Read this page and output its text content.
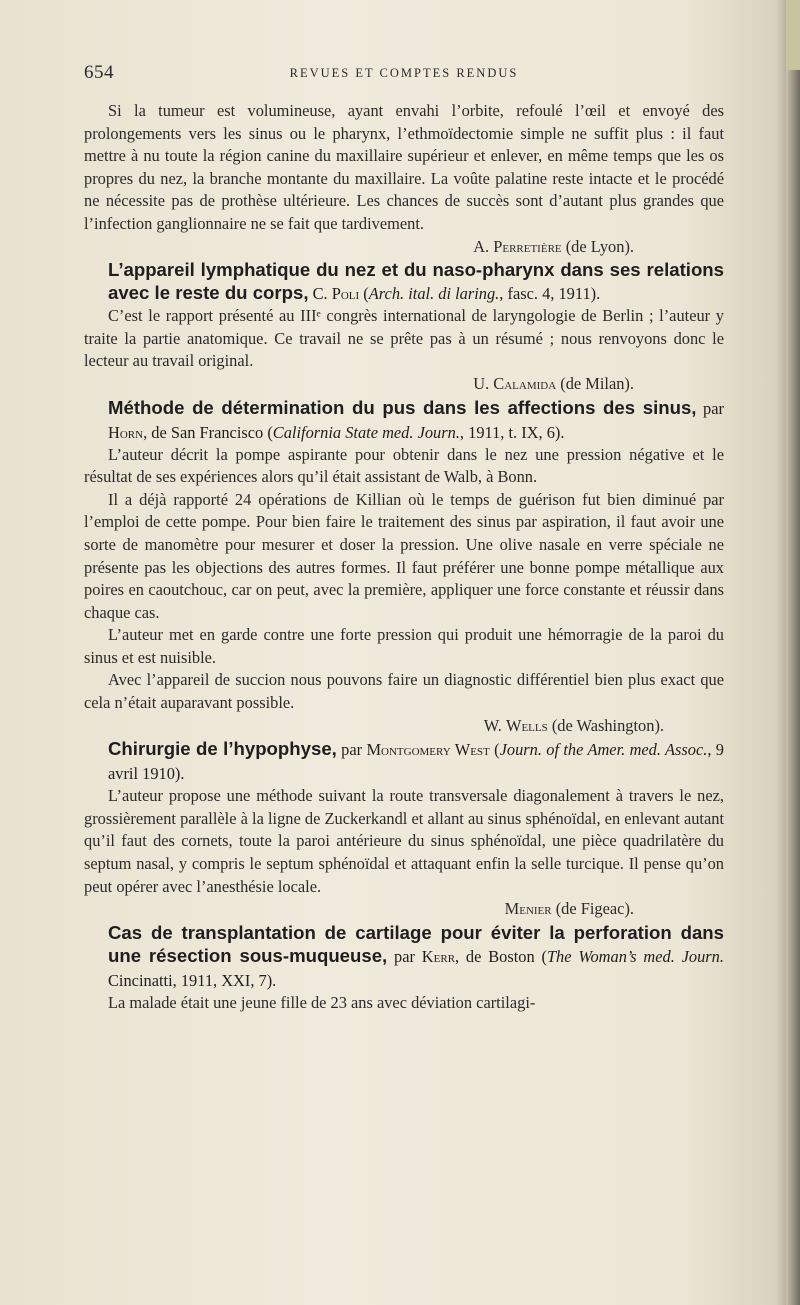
654	REVUES ET COMPTES RENDUS

Si la tumeur est volumineuse, ayant envahi l’orbite, refoulé l’œil et envoyé des prolongements vers les sinus ou le pharynx, l’ethmoïdectomie simple ne suffit plus : il faut mettre à nu toute la région canine du maxillaire supérieur et enlever, en même temps que les os propres du nez, la branche montante du maxillaire. La voûte palatine reste intacte et le procédé ne nécessite pas de prothèse ultérieure. Les chances de succès sont d’autant plus grandes que l’infection ganglionnaire ne se fait que tardivement.

A. Perretière (de Lyon).

L’appareil lymphatique du nez et du naso-pharynx dans ses relations avec le reste du corps, C. Poli (Arch. ital. di laring., fasc. 4, 1911).

C’est le rapport présenté au IIIᵉ congrès international de laryngologie de Berlin ; l’auteur y traite la partie anatomique. Ce travail ne se prête pas à un résumé ; nous renvoyons donc le lecteur au travail original.

U. Calamida (de Milan).

Méthode de détermination du pus dans les affections des sinus, par Horn, de San Francisco (California State med. Journ., 1911, t. IX, 6).

L’auteur décrit la pompe aspirante pour obtenir dans le nez une pression négative et le résultat de ses expériences alors qu’il était assistant de Walb, à Bonn.

Il a déjà rapporté 24 opérations de Killian où le temps de guérison fut bien diminué par l’emploi de cette pompe. Pour bien faire le traitement des sinus par aspiration, il faut avoir une sorte de manomètre pour mesurer et doser la pression. Une olive nasale en verre spéciale ne présente pas les objections des autres formes. Il faut préférer une bonne pompe métallique aux poires en caoutchouc, car on peut, avec la première, appliquer une force constante et réussir dans chaque cas.

L’auteur met en garde contre une forte pression qui produit une hémorragie de la paroi du sinus et est nuisible.

Avec l’appareil de succion nous pouvons faire un diagnostic différentiel bien plus exact que cela n’était auparavant possible.

W. Wells (de Washington).

Chirurgie de l’hypophyse, par Montgomery West (Journ. of the Amer. med. Assoc., 9 avril 1910).

L’auteur propose une méthode suivant la route transversale diagonalement à travers le nez, grossièrement parallèle à la ligne de Zuckerkandl et allant au sinus sphénoïdal, en enlevant autant qu’il faut des cornets, toute la paroi antérieure du sinus sphénoïdal, une pièce quadrilatère du septum nasal, y compris le septum sphénoïdal et attaquant enfin la selle turcique. Il pense qu’on peut opérer avec l’anesthésie locale.

Menier (de Figeac).

Cas de transplantation de cartilage pour éviter la perforation dans une résection sous-muqueuse, par Kerr, de Boston (The Woman’s med. Journ. Cincinatti, 1911, XXI, 7).

La malade était une jeune fille de 23 ans avec déviation cartilagi-
